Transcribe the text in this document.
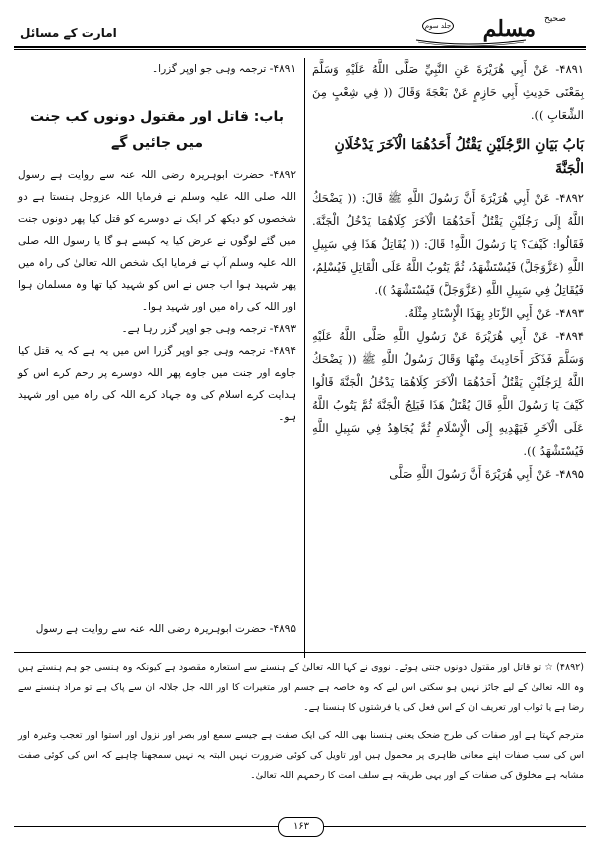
امارت کے مسائل	مسلم صحیح
جلد سوم

۴۸۹۱- عَنْ أَبِي هُرَيْرَةَ عَنِ النَّبِيِّ صَلَّى اللَّهُ عَلَيْهِ وَسَلَّمَ بِمَعْنَى حَدِيثِ أَبِي حَازِمٍ عَنْ بَعْجَةَ وَقَالَ (( فِي شِعْبٍ مِنَ الشِّعَابِ )).

بَابُ بَيَانِ الرَّجُلَيْنِ يَقْتُلُ أَحَدُهُمَا الْآخَرَ يَدْخُلَانِ الْجَنَّةَ

۴۸۹۲- عَنْ أَبِي هُرَيْرَةَ أَنَّ رَسُولَ اللَّهِ ﷺ قَالَ: (( يَضْحَكُ اللَّهُ إِلَى رَجُلَيْنِ يَقْتُلُ أَحَدُهُمَا الْآخَرَ كِلَاهُمَا يَدْخُلُ الْجَنَّةَ. فَقَالُوا: كَيْفَ؟ يَا رَسُولَ اللَّهِ! قَالَ: (( يُقَاتِلُ هَذَا فِي سَبِيلِ اللَّهِ (عَزَّوَجَلَّ) فَيُسْتَشْهَدُ، ثُمَّ يَتُوبُ اللَّهُ عَلَى الْقَاتِلِ فَيُسْلِمُ، فَيُقَاتِلُ فِي سَبِيلِ اللَّهِ (عَزَّوَجَلَّ) فَيُسْتَشْهَدُ )).

۴۸۹۳- عَنْ أَبِي الزِّنَادِ بِهَذَا الْإِسْنَادِ مِثْلَهُ.

۴۸۹۴- عَنْ أَبِي هُرَيْرَةَ عَنْ رَسُولِ اللَّهِ صَلَّى اللَّهُ عَلَيْهِ وَسَلَّمَ فَذَكَرَ أَحَادِيثَ مِنْهَا وَقَالَ رَسُولُ اللَّهِ ﷺ (( يَضْحَكُ اللَّهُ لِرَجُلَيْنِ يَقْتُلُ أَحَدُهُمَا الْآخَرَ كِلَاهُمَا يَدْخُلُ الْجَنَّةَ قَالُوا كَيْفَ يَا رَسُولَ اللَّهِ قَالَ يُقْتَلُ هَذَا فَيَلِجُ الْجَنَّةَ ثُمَّ يَتُوبُ اللَّهُ عَلَى الْآخَرِ فَيَهْدِيهِ إِلَى الْإِسْلَامِ ثُمَّ يُجَاهِدُ فِي سَبِيلِ اللَّهِ فَيُسْتَشْهَدُ )).

۴۸۹۵- عَنْ أَبِي هُرَيْرَةَ أَنَّ رَسُولَ اللَّهِ صَلَّى

۴۸۹۱- ترجمہ وہی جو اوپر گزرا۔

باب: قاتل اور مقتول دونوں کب جنت میں جائیں گے

۴۸۹۲- حضرت ابوہریرہ رضی اللہ عنہ سے روایت ہے رسول اللہ صلی اللہ علیہ وسلم نے فرمایا اللہ عزوجل ہنستا ہے دو شخصوں کو دیکھ کر ایک نے دوسرے کو قتل کیا پھر دونوں جنت میں گئے لوگوں نے عرض کیا یہ کیسے ہو گا یا رسول اللہ صلی اللہ علیہ وسلم آپ نے فرمایا ایک شخص اللہ تعالیٰ کی راہ میں پھر شہید ہوا اب جس نے اس کو شہید کیا تھا وہ مسلمان ہوا اور اللہ کی راہ میں اور شہید ہوا۔

۴۸۹۳- ترجمہ وہی جو اوپر گزر رہا ہے۔

۴۸۹۴- ترجمہ وہی جو اوپر گزرا اس میں یہ ہے کہ یہ قتل کیا جاوے اور جنت میں جاوے پھر اللہ دوسرے پر رحم کرے اس کو ہدایت کرے اسلام کی وہ جہاد کرے اللہ کی راہ میں اور شہید ہو۔

۴۸۹۵- حضرت ابوہریرہ رضی اللہ عنہ سے روایت ہے رسول

(۴۸۹۲) ☆ تو قاتل اور مقتول دونوں جنتی ہوئے۔ نووی نے کہا اللہ تعالیٰ کے ہنسنے سے استعارہ مقصود ہے کیونکہ وہ ہنسی جو ہم ہنستے ہیں وہ اللہ تعالیٰ کے لیے جائز نہیں ہو سکتی اس لیے کہ وہ خاصہ ہے جسم اور متغیرات کا اور اللہ جل جلالہ ان سے پاک ہے تو مراد ہنسنے سے رضا ہے یا ثواب اور تعریف ان کے اس فعل کی یا فرشتوں کا ہنسنا ہے۔

مترجم کہتا ہے اور صفات کی طرح ضحک یعنی ہنسنا بھی اللہ کی ایک صفت ہے جیسے سمع اور بصر اور نزول اور استوا اور تعجب وغیرہ اور اس کی سب صفات اپنے معانی ظاہری پر محمول ہیں اور تاویل کی کوئی ضرورت نہیں البتہ یہ نہیں سمجھنا چاہیے کہ اس کی کوئی صفت مشابہ ہے مخلوق کی صفات کے اور یہی طریقہ ہے سلف امت کا رحمہم اللہ تعالیٰ۔

۱۶۳
